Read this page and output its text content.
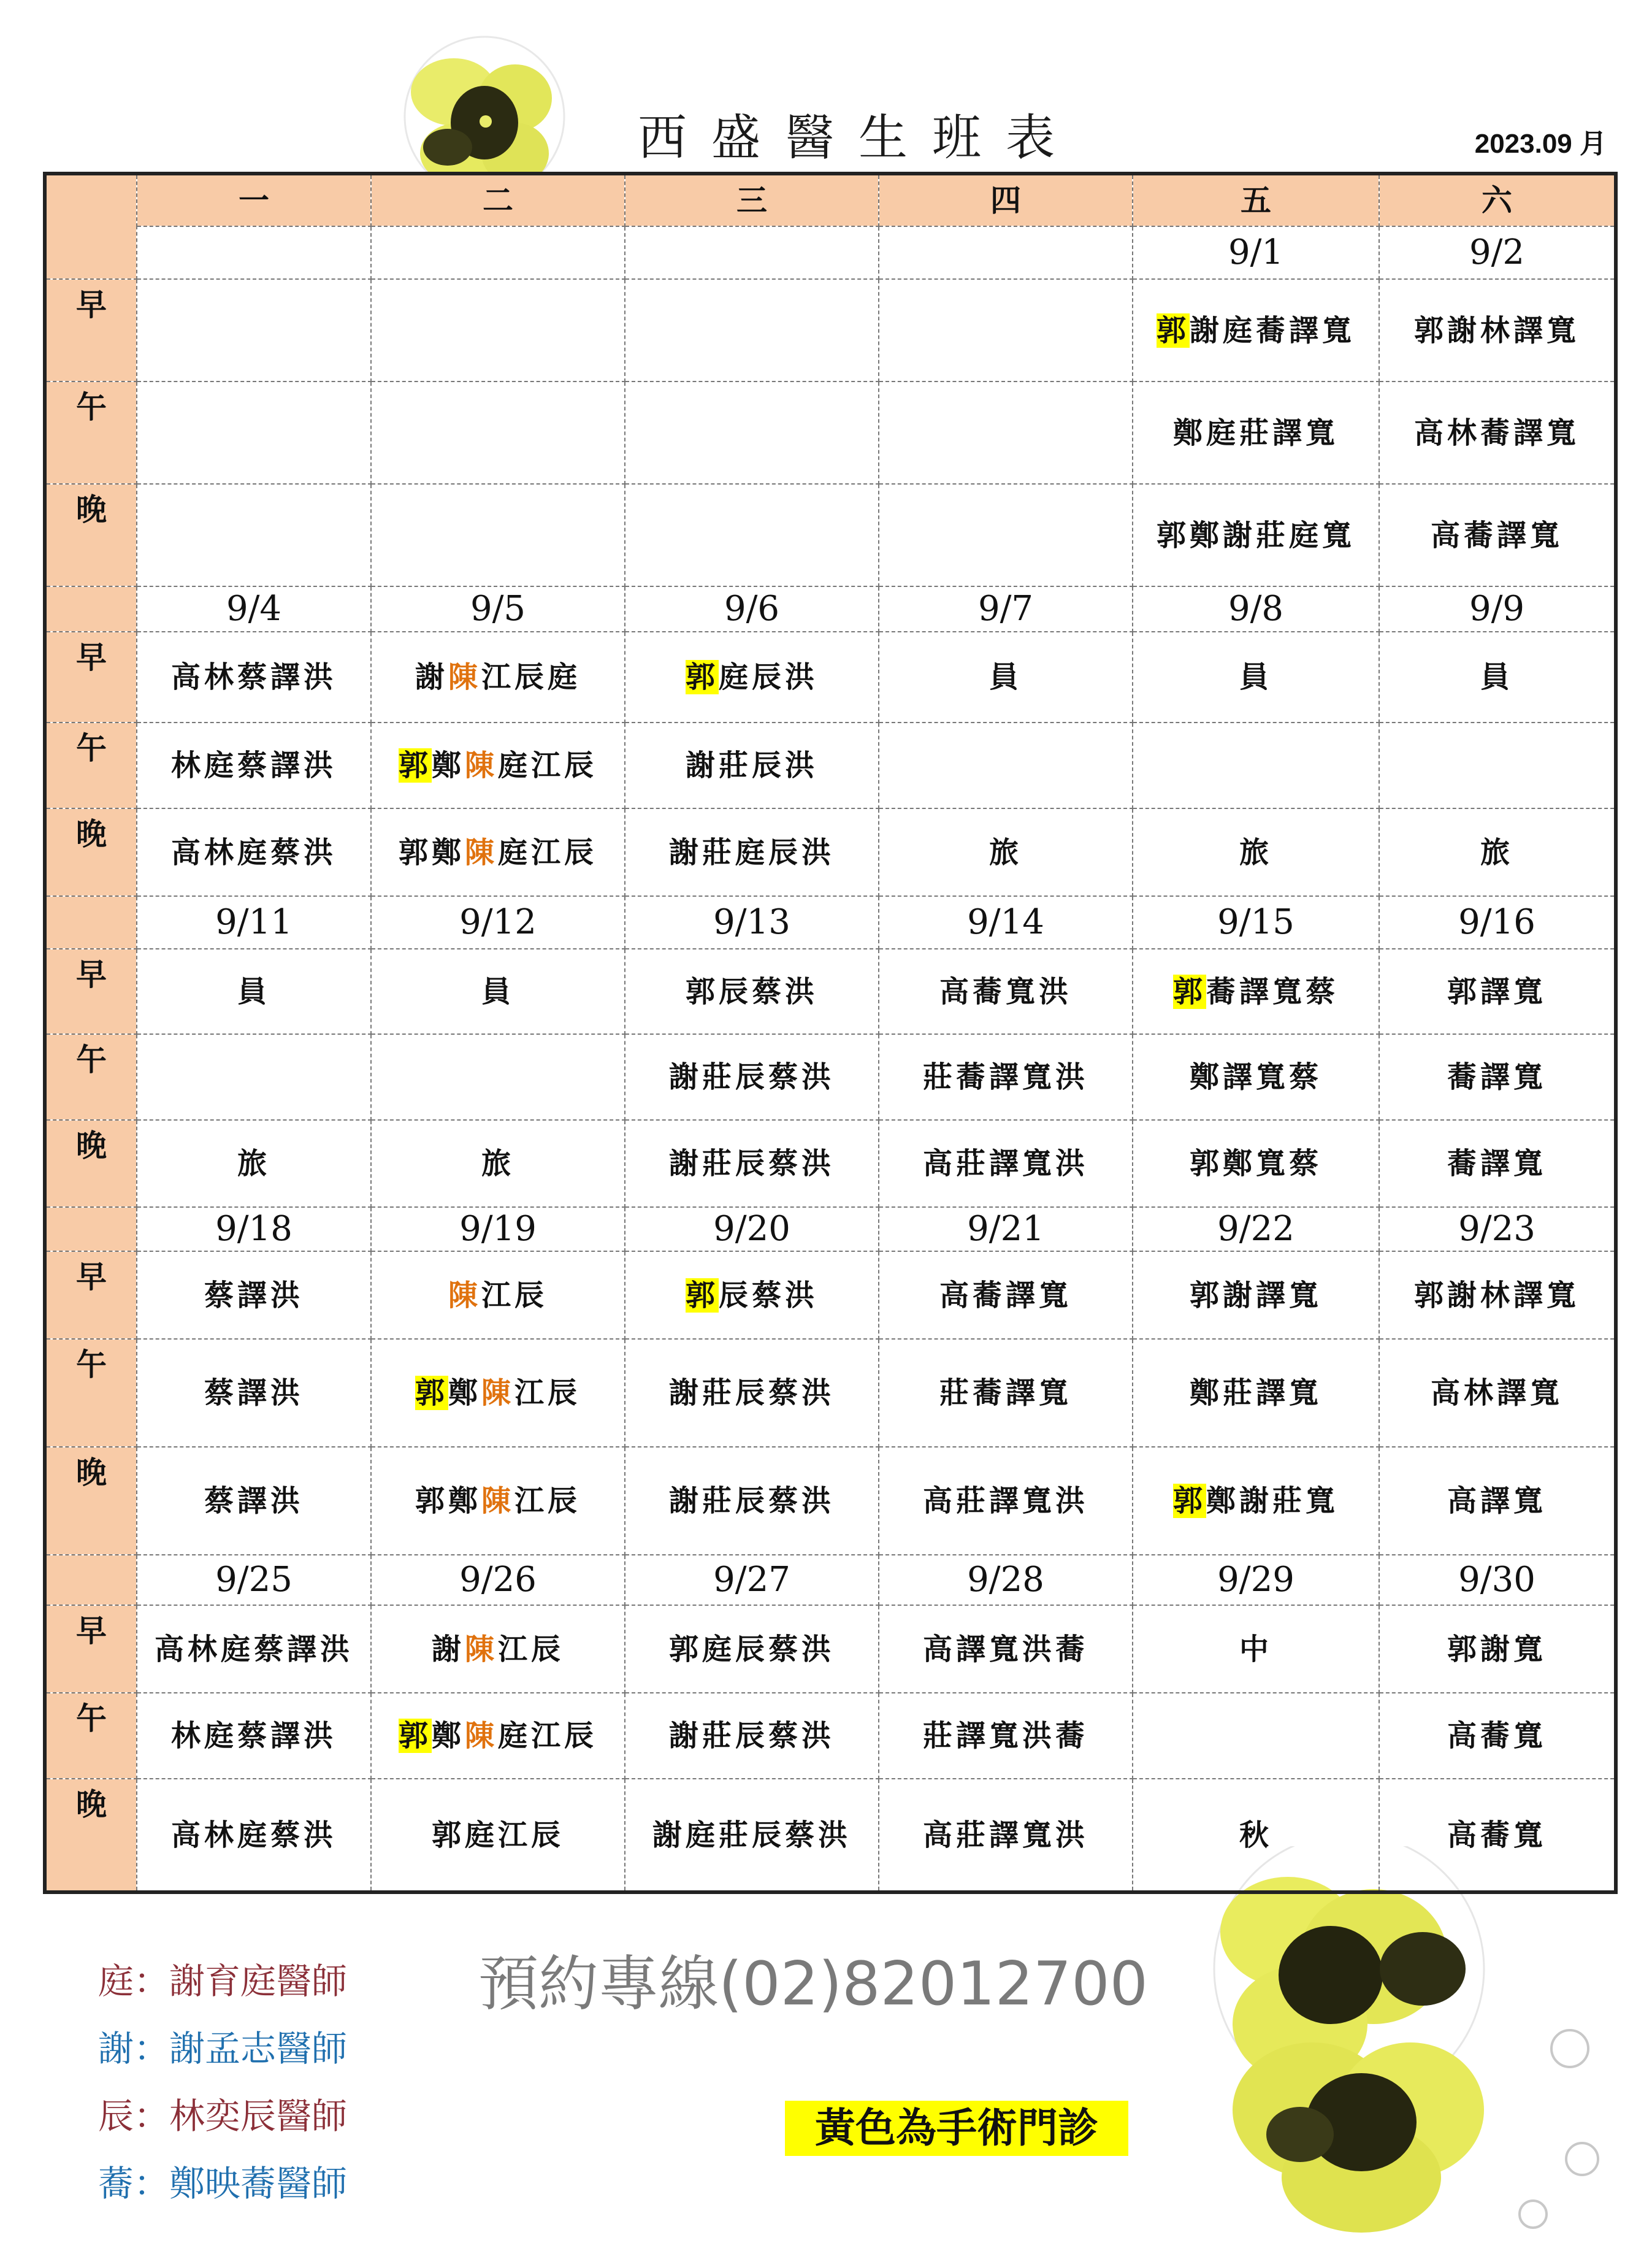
西盛醫生班表	2023.09 月
	一	二	三	四	五	六
					9/1	9/2
早					郭謝庭蕎譯寬	郭謝林譯寬
午					鄭庭莊譯寬	高林蕎譯寬
晚					郭鄭謝莊庭寬	高蕎譯寬
	9/4	9/5	9/6	9/7	9/8	9/9
早	高林蔡譯洪	謝陳江辰庭	郭庭辰洪	員	員	員
午	林庭蔡譯洪	郭鄭陳庭江辰	謝莊辰洪			
晚	高林庭蔡洪	郭鄭陳庭江辰	謝莊庭辰洪	旅	旅	旅
	9/11	9/12	9/13	9/14	9/15	9/16
早	員	員	郭辰蔡洪	高蕎寬洪	郭蕎譯寬蔡	郭譯寬
午			謝莊辰蔡洪	莊蕎譯寬洪	鄭譯寬蔡	蕎譯寬
晚	旅	旅	謝莊辰蔡洪	高莊譯寬洪	郭鄭寬蔡	蕎譯寬
	9/18	9/19	9/20	9/21	9/22	9/23
早	蔡譯洪	陳江辰	郭辰蔡洪	高蕎譯寬	郭謝譯寬	郭謝林譯寬
午	蔡譯洪	郭鄭陳江辰	謝莊辰蔡洪	莊蕎譯寬	鄭莊譯寬	高林譯寬
晚	蔡譯洪	郭鄭陳江辰	謝莊辰蔡洪	高莊譯寬洪	郭鄭謝莊寬	高譯寬
	9/25	9/26	9/27	9/28	9/29	9/30
早	高林庭蔡譯洪	謝陳江辰	郭庭辰蔡洪	高譯寬洪蕎	中	郭謝寬
午	林庭蔡譯洪	郭鄭陳庭江辰	謝莊辰蔡洪	莊譯寬洪蕎		高蕎寬
晚	高林庭蔡洪	郭庭江辰	謝庭莊辰蔡洪	高莊譯寬洪	秋	高蕎寬
庭：謝育庭醫師
謝：謝孟志醫師
辰：林奕辰醫師
蕎：鄭映蕎醫師
預約專線(02)82012700
黃色為手術門診
